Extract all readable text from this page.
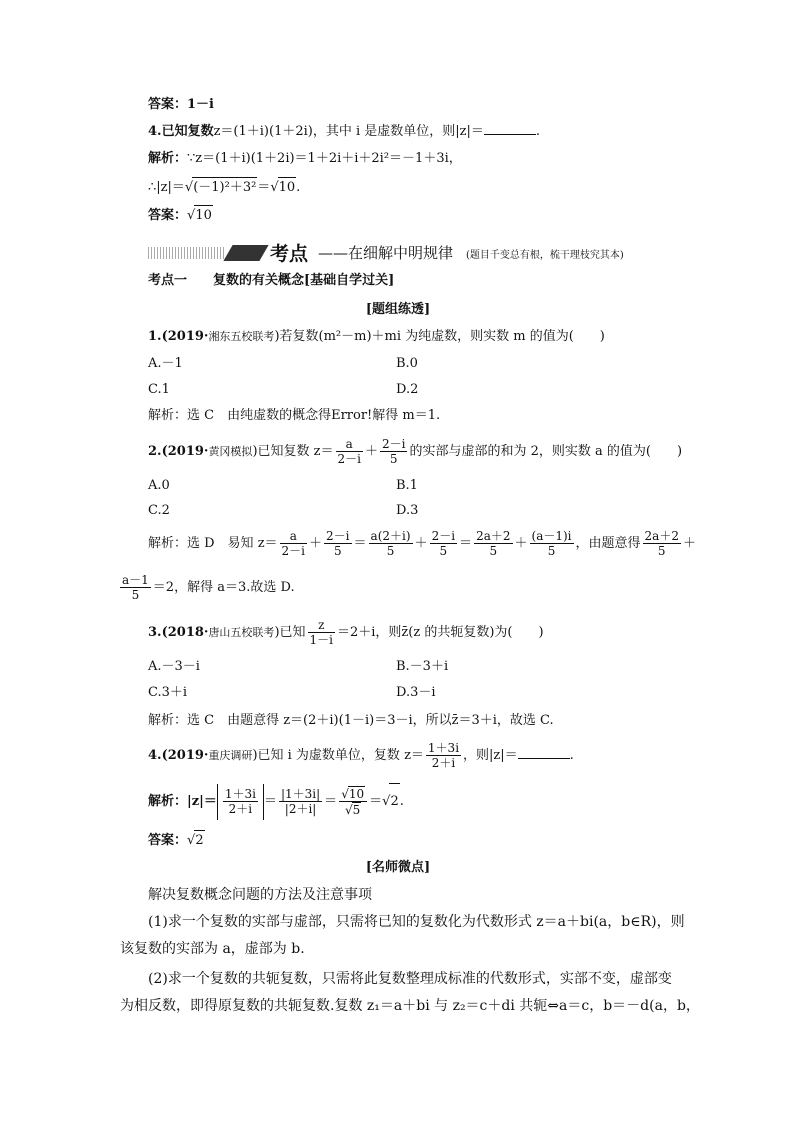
答案：1－i
4.已知复数z＝(1＋i)(1＋2i)，其中 i 是虚数单位，则|z|＝	.
解析：∵z＝(1＋i)(1＋2i)＝1＋2i＋i＋2i²＝－1＋3i，
∴|z|＝√(－1)²＋3²＝√10.
答案：√10
考点 ——在细解中明规律 (题目千变总有根，梳干理枝究其本)
考点一　　复数的有关概念[基础自学过关]
[题组练透]
1.(2019·湘东五校联考)若复数(m²－m)＋mi 为纯虚数，则实数 m 的值为(　　)
A.－1	B.0
C.1	D.2
解析：选 C　由纯虚数的概念得Error!解得 m＝1.
2.(2019·黄冈模拟)已知复数 $z= \frac{a}{2-i} + \frac{2-i}{5}$ 的实部与虚部的和为 2，则实数 a 的值为(　　)
A.0	B.1
C.2	D.3
解析：选 D　易知 $z= \frac{a}{2-i} + \frac{2-i}{5} = \frac{a(2+i)}{5} + \frac{2-i}{5} = \frac{2a+2}{5} + \frac{(a-1)i}{5}$ ，由题意得 $\frac{2a+2}{5}$ ＋
$\frac{a-1}{5} =2$，解得 a＝3.故选 D.
3.(2018·唐山五校联考)已知 $\frac{z}{1-i} =2+i$，则z̄(z 的共轭复数)为(　　)
A.－3－i	B.－3＋i
C.3＋i	D.3－i
解析：选 C　由题意得 z＝(2＋i)(1－i)＝3－i，所以z̄＝3＋i，故选 C.
4.(2019·重庆调研)已知 i 为虚数单位，复数 $z= \frac{1+3i}{2+i}$ ，则|z|＝	.
解析：$|z|= \frac{1+3i}{2+i} = \frac{|1+3i|}{|2+i|} = \frac{√10}{√5} =√2$.
答案：√2
[名师微点]
解决复数概念问题的方法及注意事项
(1)求一个复数的实部与虚部，只需将已知的复数化为代数形式 z＝a＋bi(a，b∈R)，则
该复数的实部为 a，虚部为 b.
(2)求一个复数的共轭复数，只需将此复数整理成标准的代数形式，实部不变，虚部变
为相反数，即得原复数的共轭复数.复数 z₁＝a＋bi 与 z₂＝c＋di 共轭⇔a＝c，b＝－d(a，b，
